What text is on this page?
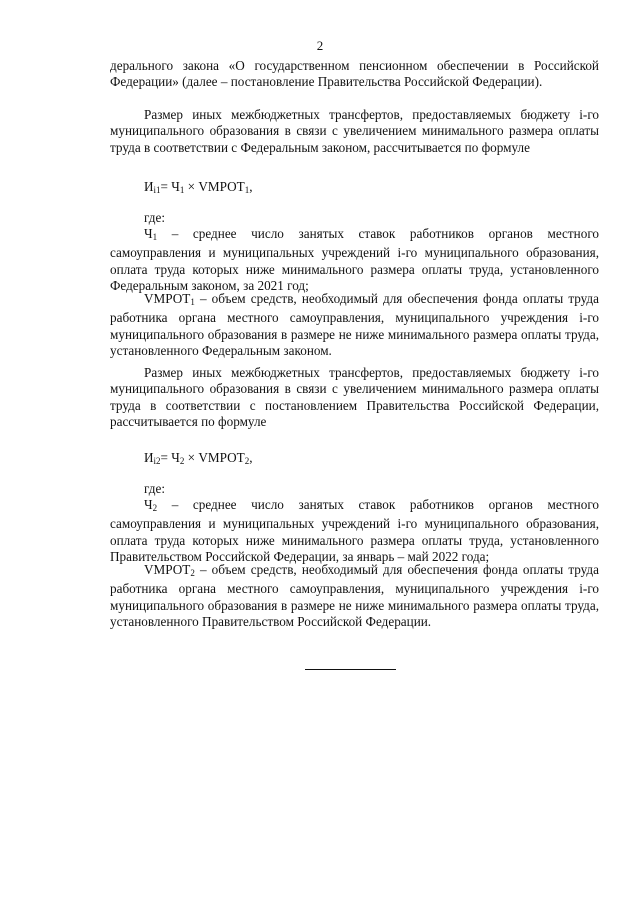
2

дерального закона «О государственном пенсионном обеспечении в Российской Федерации» (далее – постановление Правительства Российской Федерации).

Размер иных межбюджетных трансфертов, предоставляемых бюджету i-го муниципального образования в связи с увеличением минимального размера оплаты труда в соответствии с Федеральным законом, рассчитывается по формуле

$И_{i1}= Ч_1$ × $VМРОТ_1$,
где:

$Ч_1$ – среднее число занятых ставок работников органов местного самоуправления и муниципальных учреждений i-го муниципального образования, оплата труда которых ниже минимального размера оплаты труда, установленного Федеральным законом, за 2021 год;

$VМРОТ_1$ – объем средств, необходимый для обеспечения фонда оплаты труда работника органа местного самоуправления, муниципального учреждения i-го муниципального образования в размере не ниже минимального размера оплаты труда, установленного Федеральным законом.

Размер иных межбюджетных трансфертов, предоставляемых бюджету i-го муниципального образования в связи с увеличением минимального размера оплаты труда в соответствии с постановлением Правительства Российской Федерации, рассчитывается по формуле

$И_{i2}= Ч_2$ × $VМРОТ_2$,
где:

$Ч_2$ – среднее число занятых ставок работников органов местного самоуправления и муниципальных учреждений i-го муниципального образования, оплата труда которых ниже минимального размера оплаты труда, установленного Правительством Российской Федерации, за январь – май 2022 года;

$VМРОТ_2$ – объем средств, необходимый для обеспечения фонда оплаты труда работника органа местного самоуправления, муниципального учреждения i-го муниципального образования в размере не ниже минимального размера оплаты труда, установленного Правительством Российской Федерации.
